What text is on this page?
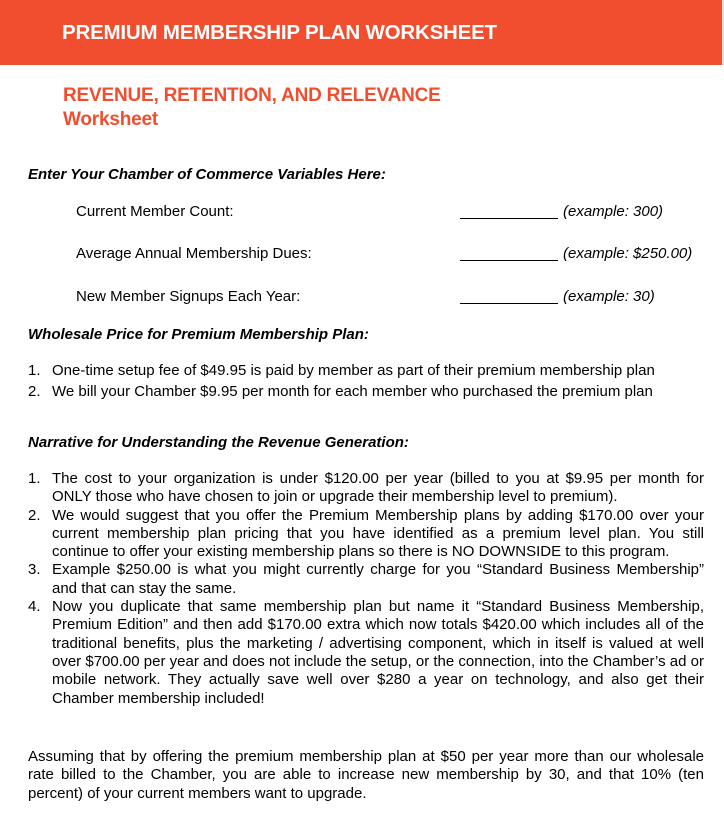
PREMIUM MEMBERSHIP PLAN WORKSHEET
REVENUE, RETENTION, AND RELEVANCE
Worksheet
Enter Your Chamber of Commerce Variables Here:
Current Member Count:	(example: 300)
Average Annual Membership Dues:	(example: $250.00)
New Member Signups Each Year:	(example: 30)
Wholesale Price for Premium Membership Plan:
1. One-time setup fee of $49.95 is paid by member as part of their premium membership plan
2. We bill your Chamber $9.95 per month for each member who purchased the premium plan
Narrative for Understanding the Revenue Generation:
1. The cost to your organization is under $120.00 per year (billed to you at $9.95 per month for ONLY those who have chosen to join or upgrade their membership level to premium).
2. We would suggest that you offer the Premium Membership plans by adding $170.00 over your current membership plan pricing that you have identified as a premium level plan. You still continue to offer your existing membership plans so there is NO DOWNSIDE to this program.
3. Example $250.00 is what you might currently charge for you “Standard Business Membership” and that can stay the same.
4. Now you duplicate that same membership plan but name it “Standard Business Membership, Premium Edition” and then add $170.00 extra which now totals $420.00 which includes all of the traditional benefits, plus the marketing / advertising component, which in itself is valued at well over $700.00 per year and does not include the setup, or the connection, into the Chamber’s ad or mobile network. They actually save well over $280 a year on technology, and also get their Chamber membership included!
Assuming that by offering the premium membership plan at $50 per year more than our wholesale rate billed to the Chamber, you are able to increase new membership by 30, and that 10% (ten percent) of your current members want to upgrade.
